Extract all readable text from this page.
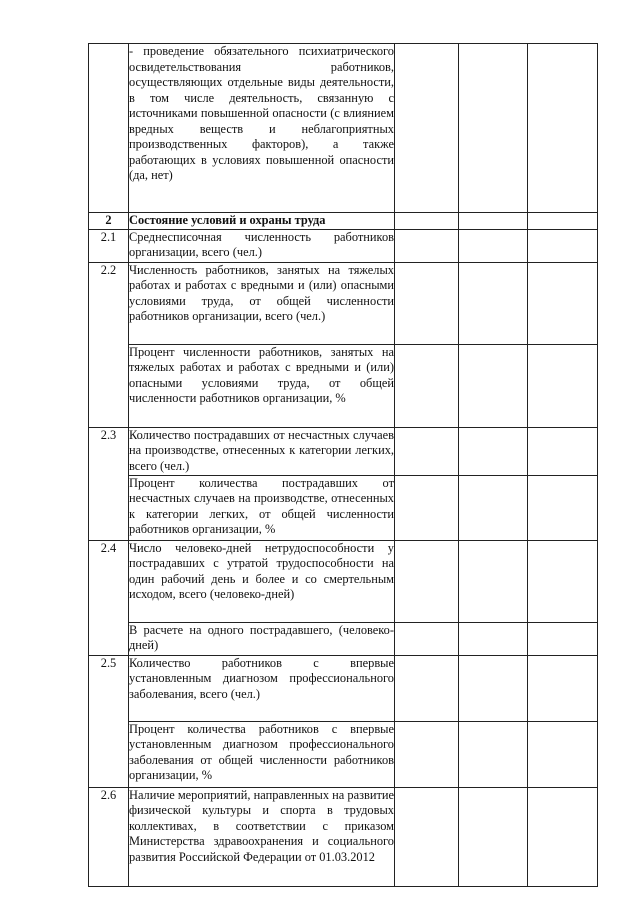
	- проведение обязательного психиатрического освидетельствования работников, осуществляющих отдельные виды деятельности, в том числе деятельность, связанную с источниками повышенной опасности (с влиянием вредных веществ и неблагоприятных производственных факторов), а также работающих в условиях повышенной опасности (да, нет)			
2	Состояние условий и охраны труда			
2.1	Среднесписочная численность работников организации, всего (чел.)			
2.2	Численность работников, занятых на тяжелых работах и работах с вредными и (или) опасными условиями труда, от общей численности работников организации, всего (чел.)			
	Процент численности работников, занятых на тяжелых работах и работах с вредными и (или) опасными условиями труда, от общей численности работников организации, %			
2.3	Количество пострадавших от несчастных случаев на производстве, отнесенных к категории легких, всего (чел.)			
	Процент количества пострадавших от несчастных случаев на производстве, отнесенных к категории легких, от общей численности работников организации, %			
2.4	Число человеко-дней нетрудоспособности у пострадавших с утратой трудоспособности на один рабочий день и более и со смертельным исходом, всего (человеко-дней)			
	В расчете на одного пострадавшего, (человеко-дней)			
2.5	Количество работников с впервые установленным диагнозом профессионального заболевания, всего (чел.)			
	Процент количества работников с впервые установленным диагнозом профессионального заболевания от общей численности работников организации, %			
2.6	Наличие мероприятий, направленных на развитие физической культуры и спорта в трудовых коллективах, в соответствии с приказом Министерства здравоохранения и социального развития Российской Федерации от 01.03.2012			
